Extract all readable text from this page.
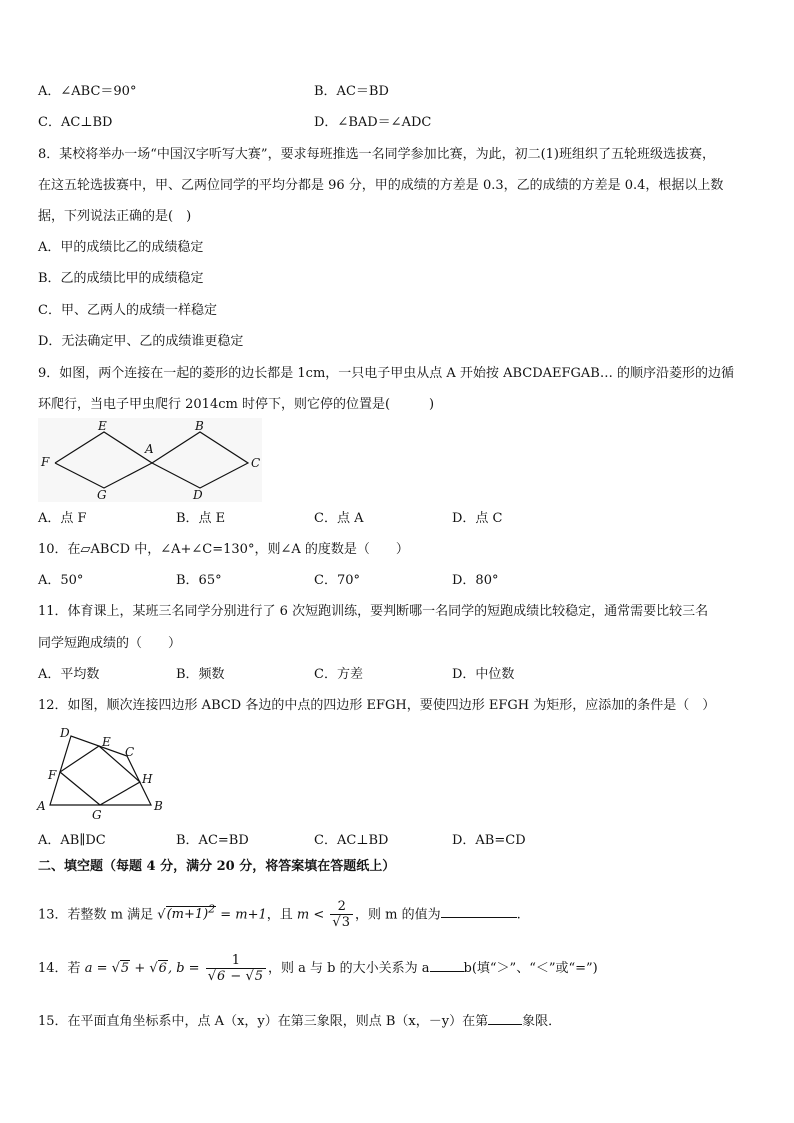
A．∠ABC＝90°	B．AC＝BD
C．AC⊥BD	D．∠BAD＝∠ADC
8．某校将举办一场“中国汉字听写大赛”，要求每班推选一名同学参加比赛，为此，初二(1)班组织了五轮班级选拔赛，
在这五轮选拔赛中，甲、乙两位同学的平均分都是 96 分，甲的成绩的方差是 0.3，乙的成绩的方差是 0.4，根据以上数
据，下列说法正确的是(　)
A．甲的成绩比乙的成绩稳定
B．乙的成绩比甲的成绩稳定
C．甲、乙两人的成绩一样稳定
D．无法确定甲、乙的成绩谁更稳定
9．如图，两个连接在一起的菱形的边长都是 1cm，一只电子甲虫从点 A 开始按 ABCDAEFGAB… 的顺序沿菱形的边循
环爬行，当电子甲虫爬行 2014cm 时停下，则它停的位置是(　　　)
E	B
F
A
C
G	D
A．点 F	B．点 E	C．点 A	D．点 C
10．在▱ABCD 中，∠A+∠C=130°，则∠A 的度数是（　　）
A．50°	B．65°	C．70°	D．80°
11．体育课上，某班三名同学分别进行了 6 次短跑训练，要判断哪一名同学的短跑成绩比较稳定，通常需要比较三名
同学短跑成绩的（　　）
A．平均数	B．频数	C．方差	D．中位数
12．如图，顺次连接四边形 ABCD 各边的中点的四边形 EFGH，要使四边形 EFGH 为矩形，应添加的条件是（　）
D
E
C
F	H
A
G
B
A．AB∥DC	B．AC=BD	C．AC⊥BD	D．AB=CD
二、填空题（每题 4 分，满分 20 分，将答案填在答题纸上）
13．若整数 m 满足 $√(m+1)^2 = m+1$，且 $m < \frac{2}{√3}$ ，则 m 的值为	.
14．若 a = √5 + √6, $b = \frac{1}{√6 - √5}$ ，则 a 与 b 的大小关系为 a	b(填“＞”、“＜”或“=”)
15．在平面直角坐标系中，点 A（x，y）在第三象限，则点 B（x，－y）在第	象限．
